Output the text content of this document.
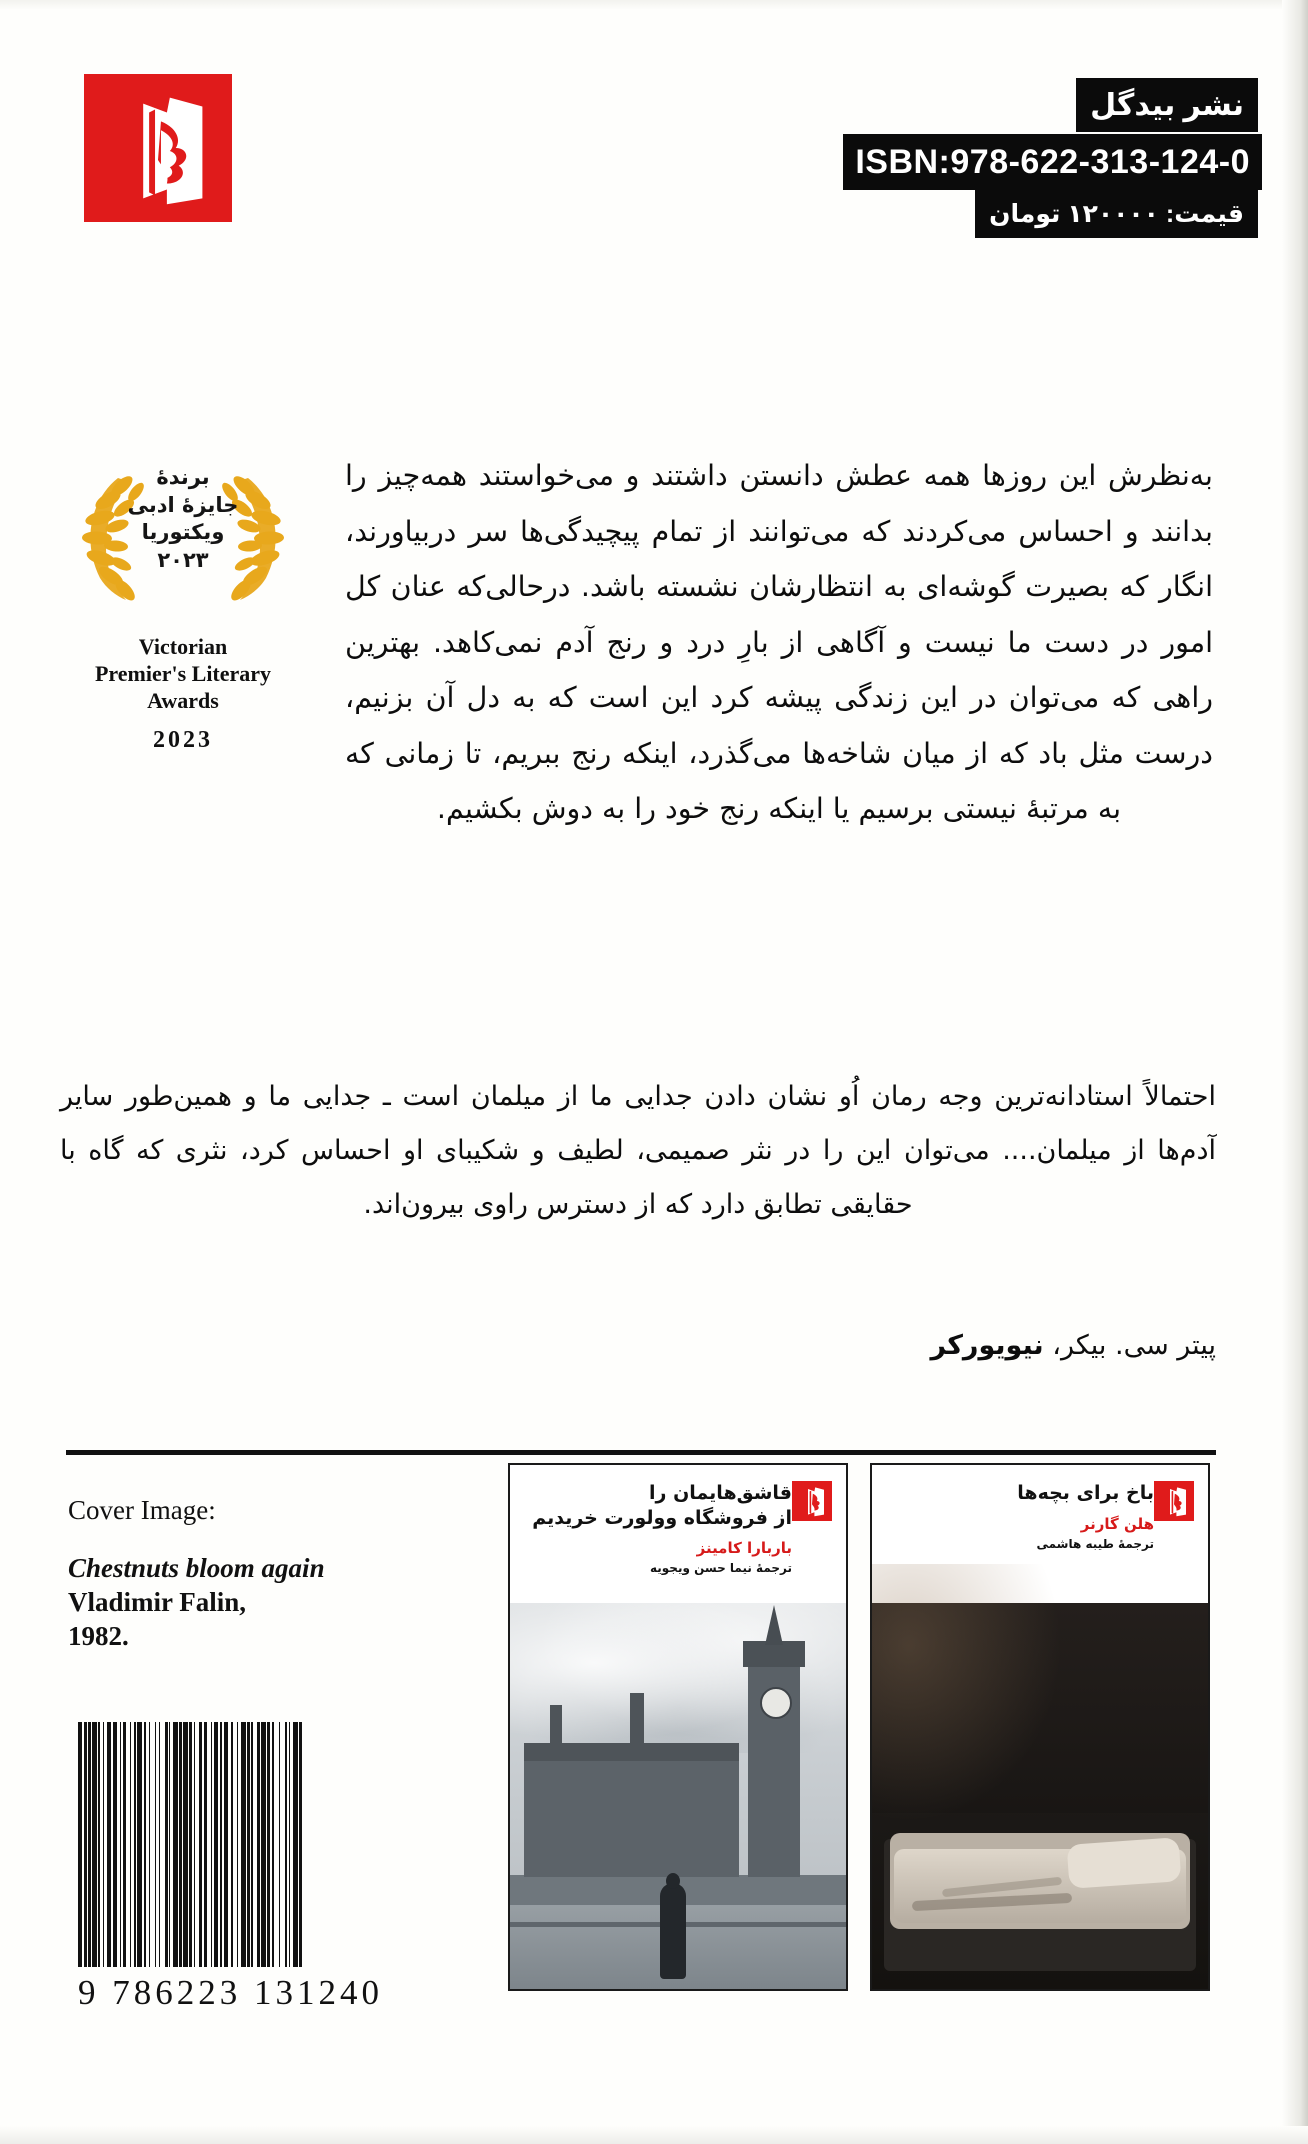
نشر بیدگل
ISBN:978-622-313-124-0
قیمت: ۱۲۰۰۰۰ تومان
برندهٔ
جایزهٔ ادبی
ویکتوریا
۲۰۲۳
Victorian
Premier's Literary
Awards
2023

به‌نظرش این روزها همه عطش دانستن داشتند و می‌خواستند همه‌چیز را بدانند و احساس می‌کردند که می‌توانند از تمام پیچیدگی‌ها سر دربیاورند، انگار که بصیرت گوشه‌ای به انتظارشان نشسته باشد. درحالی‌که عنان کل امور در دست ما نیست و آگاهی از بارِ درد و رنج آدم نمی‌کاهد. بهترین راهی که می‌توان در این زندگی پیشه کرد این است که به دل آن بزنیم، درست مثل باد که از میان شاخه‌ها می‌گذرد، اینکه رنج ببریم، تا زمانی که به مرتبهٔ نیستی برسیم یا اینکه رنج خود را به دوش بکشیم.

احتمالاً استادانه‌ترین وجه رمان اُو نشان دادن جدایی ما از میلمان است ـ جدایی ما و همین‌طور سایر آدم‌ها از میلمان.... می‌توان این را در نثر صمیمی، لطیف و شکیبای او احساس کرد، نثری که گاه با حقایقی تطابق دارد که از دسترس راوی بیرون‌اند.

پیتر سی. بیکر، نیویورکر
Cover Image:
Chestnuts bloom again
Vladimir Falin,
1982.
قاشق‌هایمان را
از فروشگاه وولورت خریدیم
باربارا کامینز
ترجمهٔ نیما حسن ویجویه
باخ برای بچه‌ها
هلن گارنر
ترجمهٔ طیبه هاشمی
9 786223 131240
